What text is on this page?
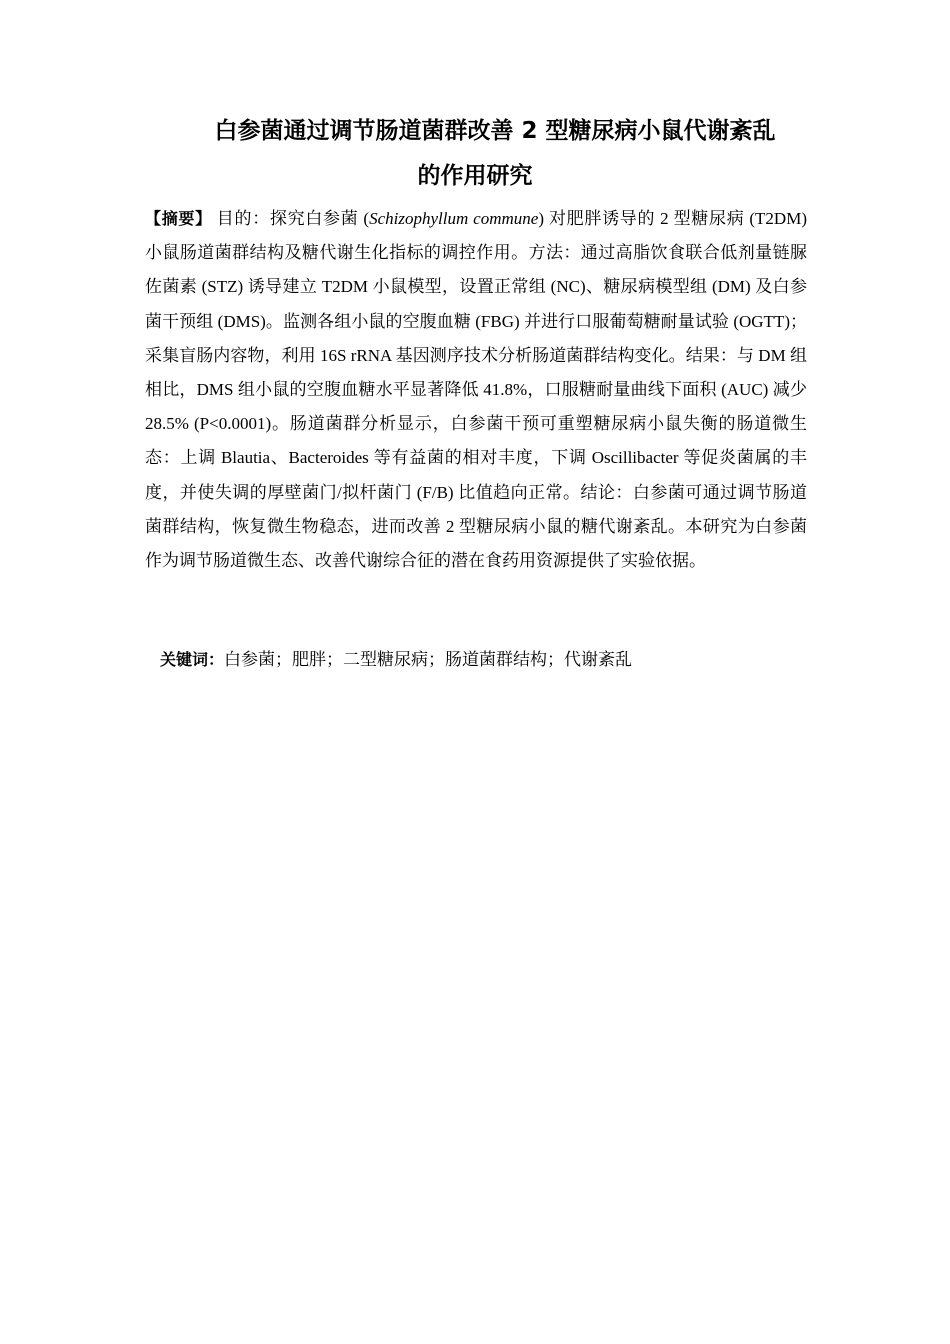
白参菌通过调节肠道菌群改善 2 型糖尿病小鼠代谢紊乱
的作用研究

【摘要】 目的：探究白参菌 (Schizophyllum commune) 对肥胖诱导的 2 型糖尿病 (T2DM) 小鼠肠道菌群结构及糖代谢生化指标的调控作用。方法：通过高脂饮食联合低剂量链脲佐菌素 (STZ) 诱导建立 T2DM 小鼠模型，设置正常组 (NC)、糖尿病模型组 (DM) 及白参菌干预组 (DMS)。监测各组小鼠的空腹血糖 (FBG) 并进行口服葡萄糖耐量试验 (OGTT)；采集盲肠内容物，利用 16S rRNA 基因测序技术分析肠道菌群结构变化。结果：与 DM 组相比，DMS 组小鼠的空腹血糖水平显著降低 41.8%，口服糖耐量曲线下面积 (AUC) 减少 28.5% (P<0.0001)。肠道菌群分析显示，白参菌干预可重塑糖尿病小鼠失衡的肠道微生态：上调 Blautia、Bacteroides 等有益菌的相对丰度，下调 Oscillibacter 等促炎菌属的丰度，并使失调的厚壁菌门/拟杆菌门 (F/B) 比值趋向正常。结论：白参菌可通过调节肠道菌群结构，恢复微生物稳态，进而改善 2 型糖尿病小鼠的糖代谢紊乱。本研究为白参菌作为调节肠道微生态、改善代谢综合征的潜在食药用资源提供了实验依据。

关键词：白参菌；肥胖；二型糖尿病；肠道菌群结构；代谢紊乱
